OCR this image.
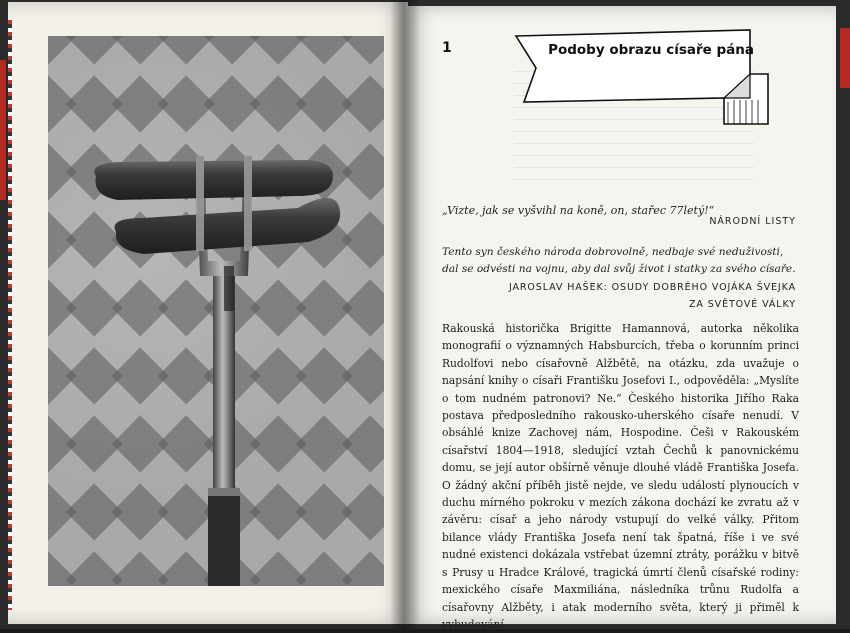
1	Podoby obrazu císaře pána
„Vizte, jak se vyšvihl na koně, on, stařec 77letý!“
NÁRODNÍ LISTY
Tento syn českého národa dobrovolně, nedbaje své neduživosti, dal se odvésti na vojnu, aby dal svůj život i statky za svého císaře.
JAROSLAV HAŠEK: OSUDY DOBRÉHO VOJÁKA ŠVEJKA
ZA SVĚTOVÉ VÁLKY
Rakouská historička Brigitte Hamannová, autorka několika monografií o významných Habsburcích, třeba o korunním princi Rudolfovi nebo císařovně Alžbětě, na otázku, zda uvažuje o napsání knihy o císaři Františku Josefovi I., odpověděla: „Myslíte o tom nudném patronovi? Ne.“ Českého historika Jiřího Raka postava předposledního rakousko-uherského císaře nenudí. V obsáhlé knize Zachovej nám, Hospodine. Češi v Rakouském císařství 1804—1918, sledující vztah Čechů k panovnickému domu, se její autor obšírně věnuje dlouhé vládě Františka Josefa. O žádný akční příběh jistě nejde, ve sledu událostí plynoucích v duchu mírného pokroku v mezích zákona dochází ke zvratu až v závěru: císař a jeho národy vstupují do velké války. Přitom bilance vlády Františka Josefa není tak špatná, říše i ve své nudné existenci dokázala vstřebat územní ztráty, porážku v bitvě s Prusy u Hradce Králové, tragická úmrtí členů císařské rodiny: mexického císaře Maxmiliána, následníka trůnu Rudolfa a císařovny Alžběty, i atak moderního světa, který ji přiměl k vybudování
